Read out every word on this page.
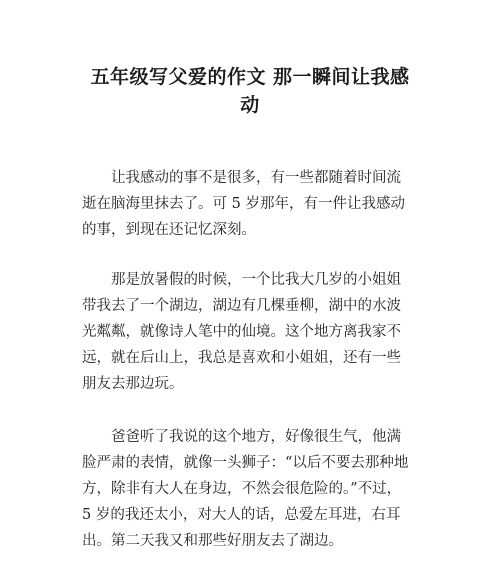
五年级写父爱的作文 那一瞬间让我感
动
让我感动的事不是很多，有一些都随着时间流
逝在脑海里抹去了。可 5 岁那年，有一件让我感动
的事，到现在还记忆深刻。
那是放暑假的时候，一个比我大几岁的小姐姐
带我去了一个湖边，湖边有几棵垂柳，湖中的水波
光粼粼，就像诗人笔中的仙境。这个地方离我家不
远，就在后山上，我总是喜欢和小姐姐，还有一些
朋友去那边玩。
爸爸听了我说的这个地方，好像很生气，他满
脸严肃的表情，就像一头狮子：“以后不要去那种地
方，除非有大人在身边，不然会很危险的。”不过，
5 岁的我还太小，对大人的话，总爱左耳进，右耳
出。第二天我又和那些好朋友去了湖边。
